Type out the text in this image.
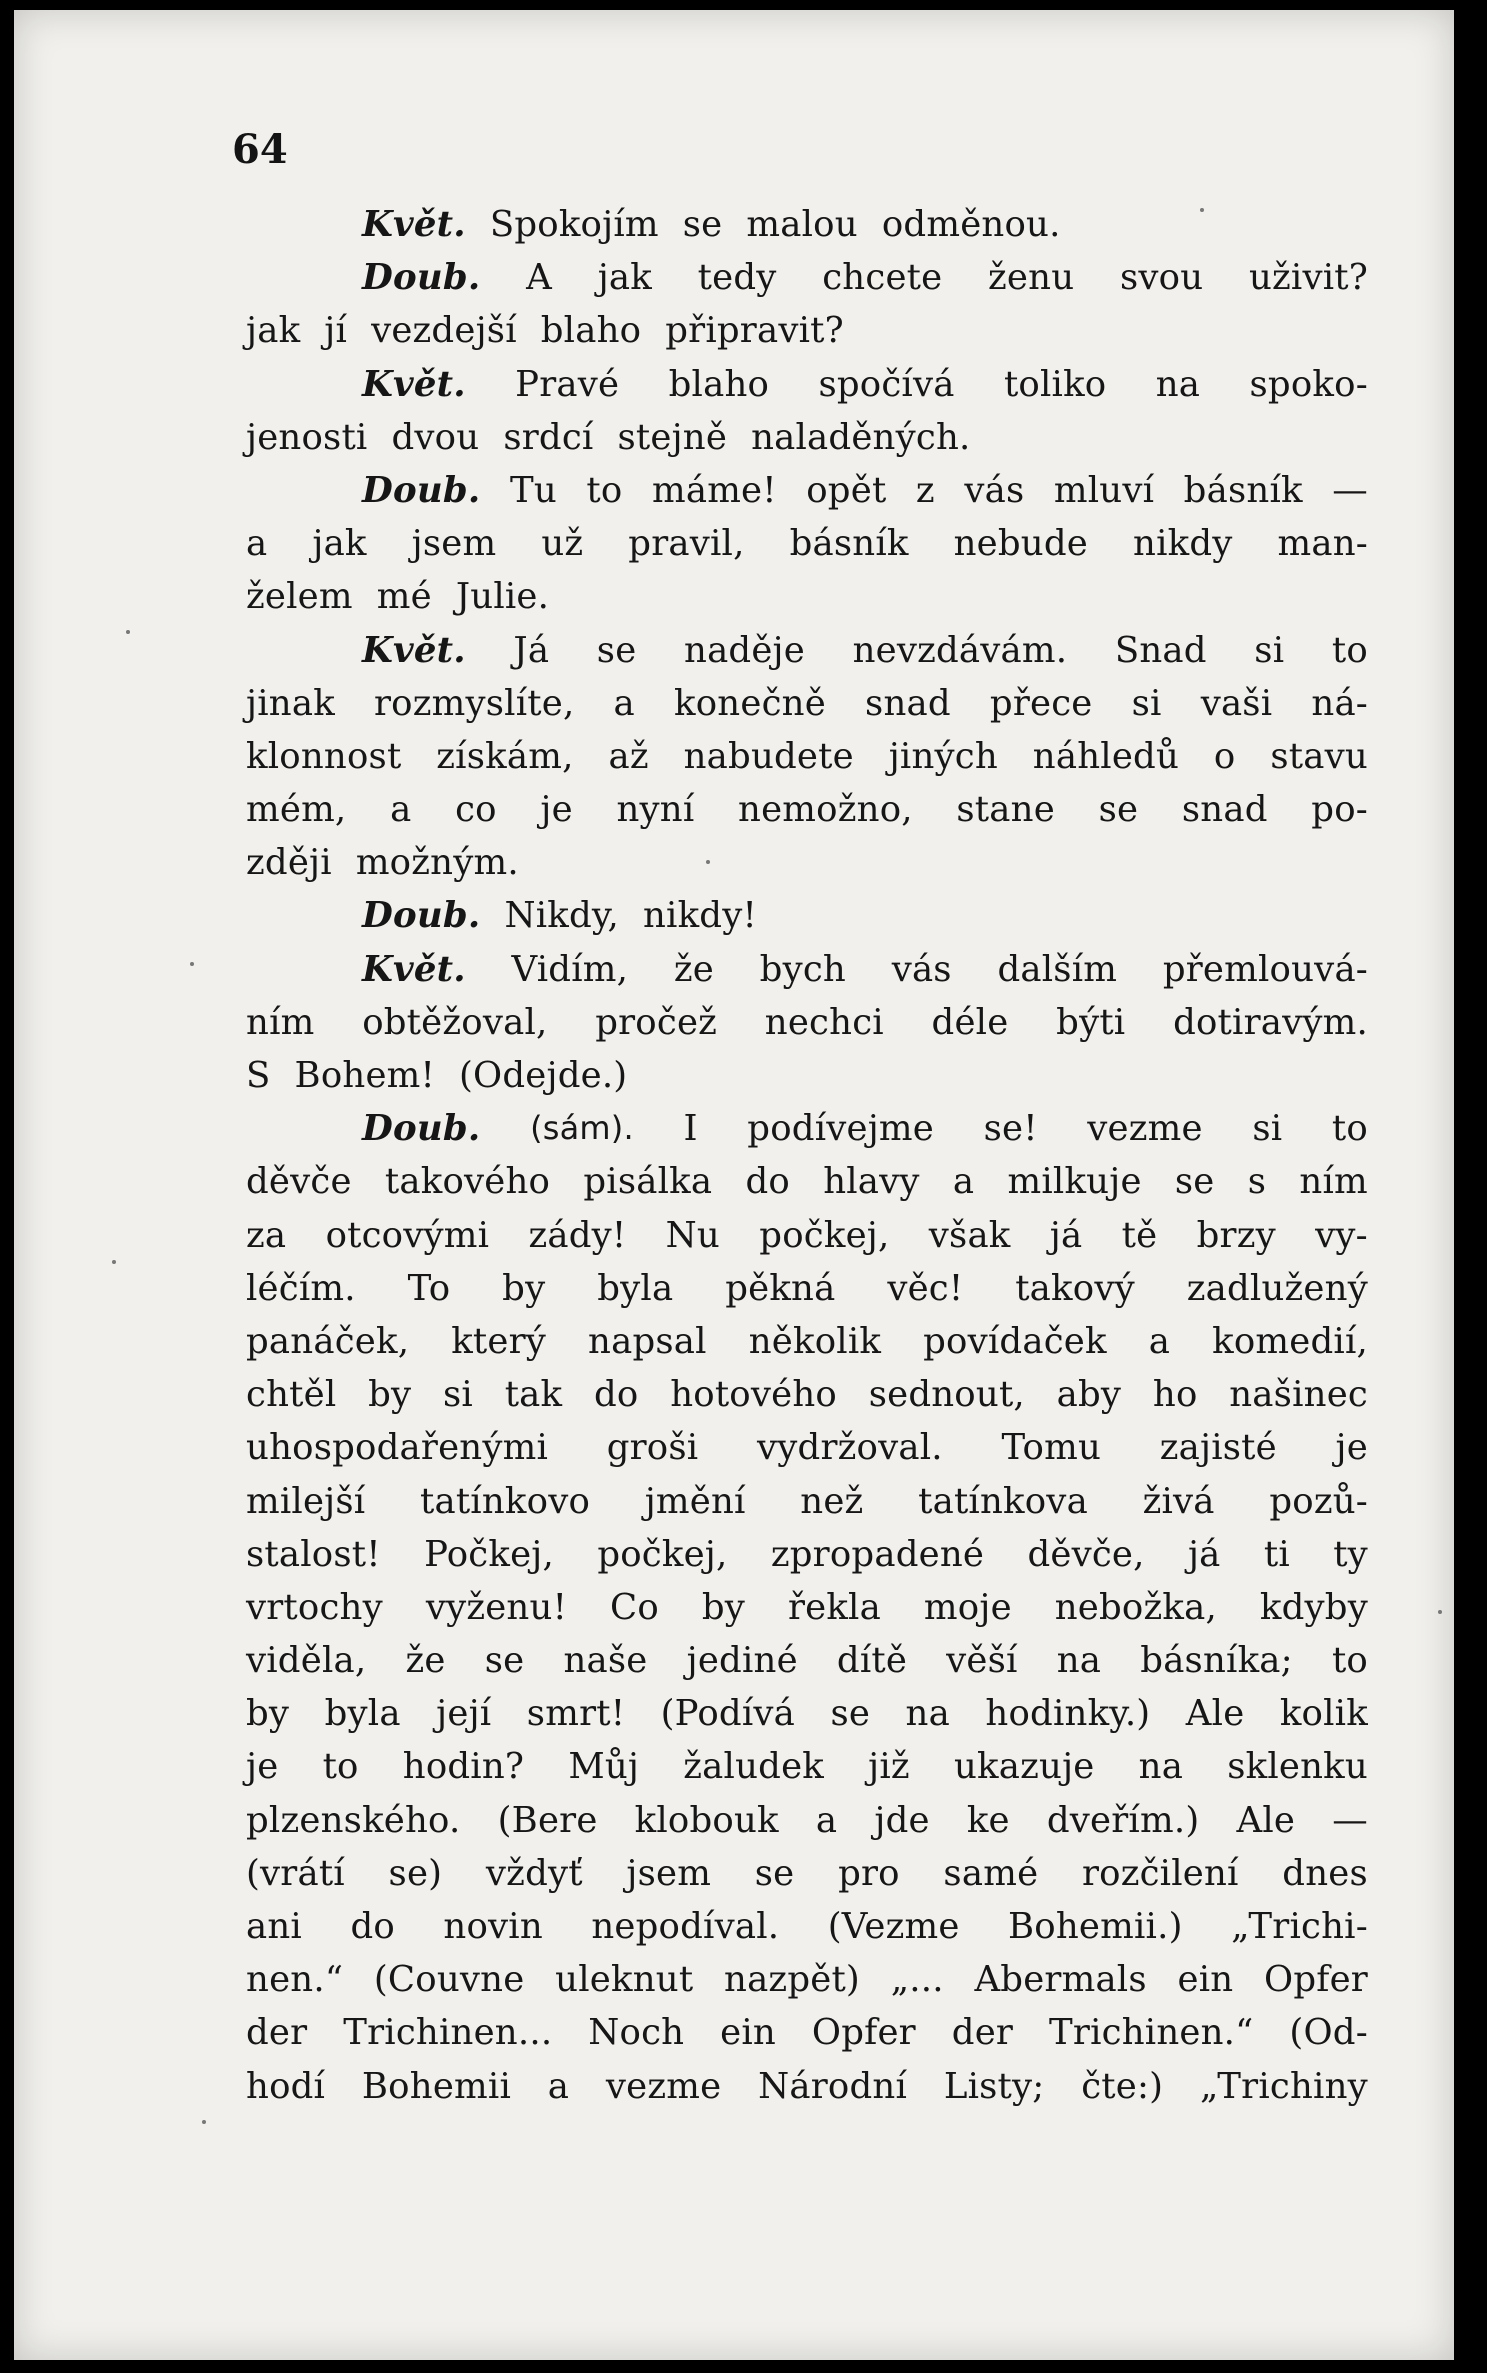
64
Květ. Spokojím se malou odměnou.
Doub. A jak tedy chcete ženu svou uživit?
jak jí vezdejší blaho připravit?
Květ. Pravé blaho spočívá toliko na spoko-
jenosti dvou srdcí stejně naladěných.
Doub. Tu to máme! opět z vás mluví básník —
a jak jsem už pravil, básník nebude nikdy man-
želem mé Julie.
Květ. Já se naděje nevzdávám. Snad si to
jinak rozmyslíte, a konečně snad přece si vaši ná-
klonnost získám, až nabudete jiných náhledů o stavu
mém, a co je nyní nemožno, stane se snad po-
zději možným.
Doub. Nikdy, nikdy!
Květ. Vidím, že bych vás dalším přemlouvá-
ním obtěžoval, pročež nechci déle býti dotiravým.
S Bohem! (Odejde.)
Doub. (sám). I podívejme se! vezme si to
děvče takového pisálka do hlavy a milkuje se s ním
za otcovými zády! Nu počkej, však já tě brzy vy-
léčím. To by byla pěkná věc! takový zadlužený
panáček, který napsal několik povídaček a komedií,
chtěl by si tak do hotového sednout, aby ho našinec
uhospodařenými groši vydržoval. Tomu zajisté je
milejší tatínkovo jmění než tatínkova živá pozů-
stalost! Počkej, počkej, zpropadené děvče, já ti ty
vrtochy vyženu! Co by řekla moje nebožka, kdyby
viděla, že se naše jediné dítě věší na básníka; to
by byla její smrt! (Podívá se na hodinky.) Ale kolik
je to hodin? Můj žaludek již ukazuje na sklenku
plzenského. (Bere klobouk a jde ke dveřím.) Ale —
(vrátí se) vždyť jsem se pro samé rozčilení dnes
ani do novin nepodíval. (Vezme Bohemii.) „Trichi-
nen.“ (Couvne uleknut nazpět) „... Abermals ein Opfer
der Trichinen... Noch ein Opfer der Trichinen.“ (Od-
hodí Bohemii a vezme Národní Listy; čte:) „Trichiny
